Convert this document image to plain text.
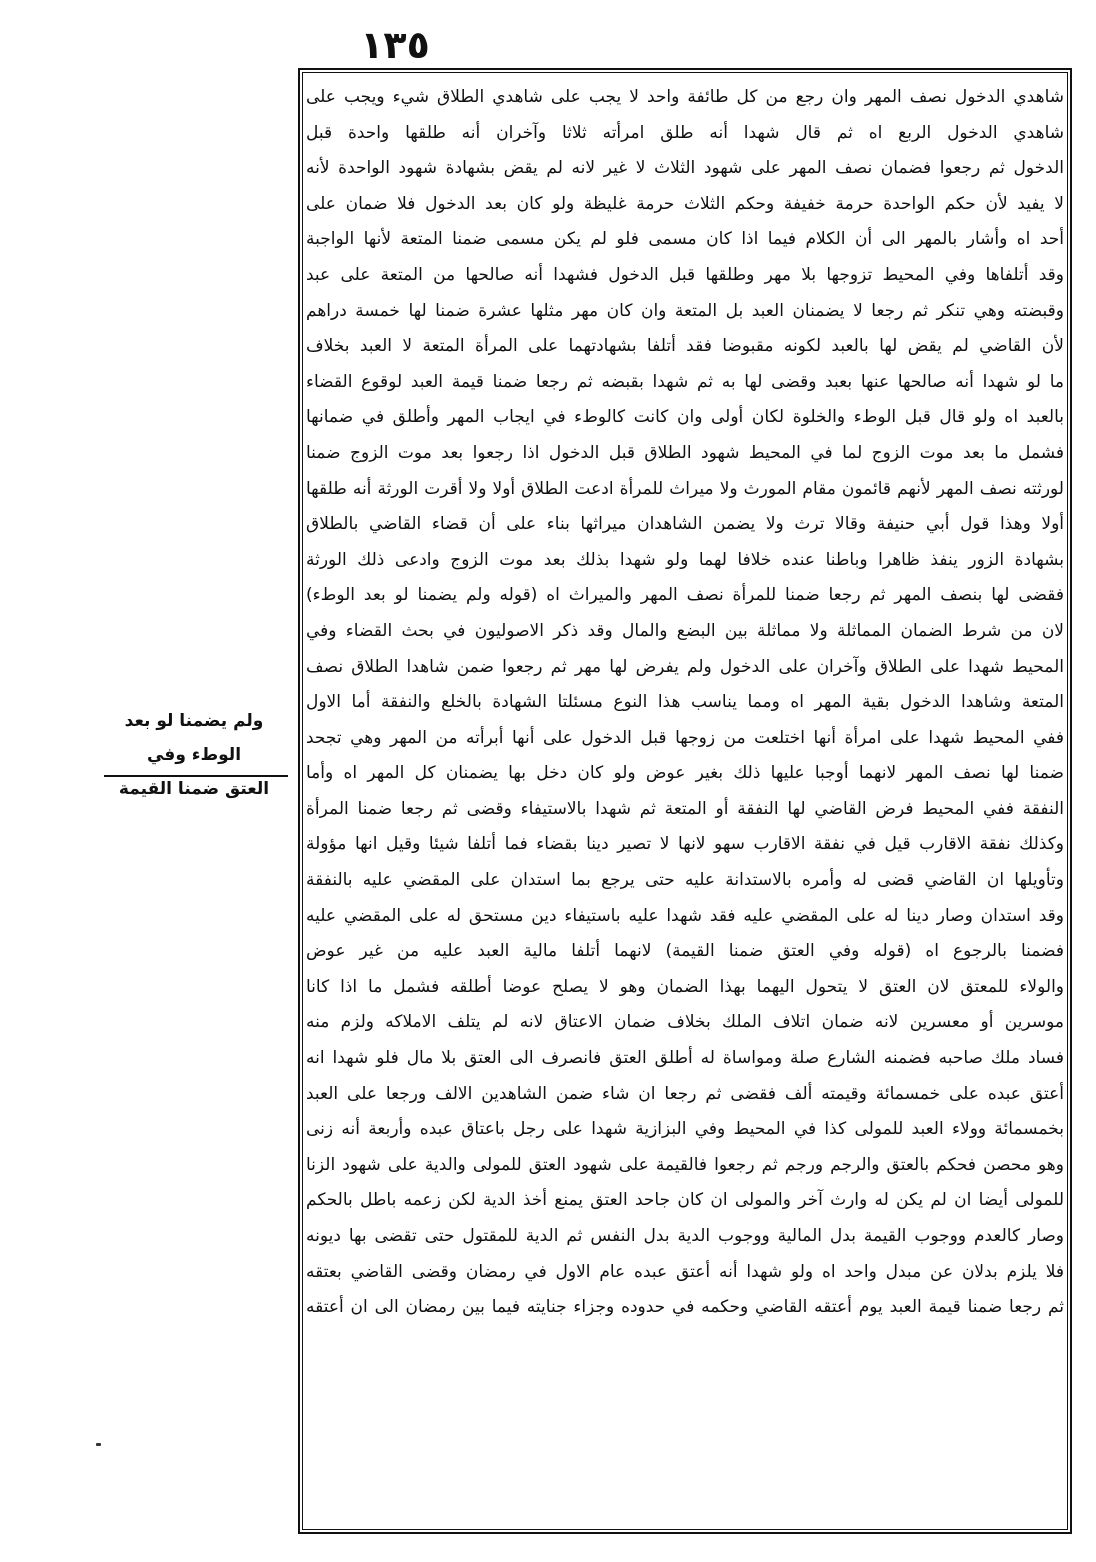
١٣٥
شاهدي الدخول نصف المهر وان رجع من كل طائفة واحد لا يجب على شاهدي الطلاق شيء ويجب على
شاهدي الدخول الربع اه ثم قال شهدا أنه طلق امرأته ثلاثا وآخران أنه طلقها واحدة قبل
الدخول ثم رجعوا فضمان نصف المهر على شهود الثلاث لا غير لانه لم يقض بشهادة شهود الواحدة لأنه
لا يفيد لأن حكم الواحدة حرمة خفيفة وحكم الثلاث حرمة غليظة ولو كان بعد الدخول فلا ضمان على
أحد اه وأشار بالمهر الى أن الكلام فيما اذا كان مسمى فلو لم يكن مسمى ضمنا المتعة لأنها الواجبة
وقد أتلفاها وفي المحيط تزوجها بلا مهر وطلقها قبل الدخول فشهدا أنه صالحها من المتعة على عبد
وقبضته وهي تنكر ثم رجعا لا يضمنان العبد بل المتعة وان كان مهر مثلها عشرة ضمنا لها خمسة دراهم
لأن القاضي لم يقض لها بالعبد لكونه مقبوضا فقد أتلفا بشهادتهما على المرأة المتعة لا العبد بخلاف
ما لو شهدا أنه صالحها عنها بعبد وقضى لها به ثم شهدا بقبضه ثم رجعا ضمنا قيمة العبد لوقوع القضاء
بالعبد اه ولو قال قبل الوطء والخلوة لكان أولى وان كانت كالوطء في ايجاب المهر وأطلق في ضمانها
فشمل ما بعد موت الزوج لما في المحيط شهود الطلاق قبل الدخول اذا رجعوا بعد موت الزوج ضمنا
لورثته نصف المهر لأنهم قائمون مقام المورث ولا ميراث للمرأة ادعت الطلاق أولا ولا أقرت الورثة أنه طلقها
أولا وهذا قول أبي حنيفة وقالا ترث ولا يضمن الشاهدان ميراثها بناء على أن قضاء القاضي بالطلاق
بشهادة الزور ينفذ ظاهرا وباطنا عنده خلافا لهما ولو شهدا بذلك بعد موت الزوج وادعى ذلك الورثة
فقضى لها بنصف المهر ثم رجعا ضمنا للمرأة نصف المهر والميراث اه (قوله ولم يضمنا لو بعد الوطء)
لان من شرط الضمان المماثلة ولا مماثلة بين البضع والمال وقد ذكر الاصوليون في بحث القضاء وفي
المحيط شهدا على الطلاق وآخران على الدخول ولم يفرض لها مهر ثم رجعوا ضمن شاهدا الطلاق نصف
المتعة وشاهدا الدخول بقية المهر اه ومما يناسب هذا النوع مسئلتا الشهادة بالخلع والنفقة أما الاول
ففي المحيط شهدا على امرأة أنها اختلعت من زوجها قبل الدخول على أنها أبرأته من المهر وهي تجحد
ضمنا لها نصف المهر لانهما أوجبا عليها ذلك بغير عوض ولو كان دخل بها يضمنان كل المهر اه وأما
النفقة ففي المحيط فرض القاضي لها النفقة أو المتعة ثم شهدا بالاستيفاء وقضى ثم رجعا ضمنا المرأة
وكذلك نفقة الاقارب قيل في نفقة الاقارب سهو لانها لا تصير دينا بقضاء فما أتلفا شيئا وقيل انها مؤولة
وتأويلها ان القاضي قضى له وأمره بالاستدانة عليه حتى يرجع بما استدان على المقضي عليه بالنفقة
وقد استدان وصار دينا له على المقضي عليه فقد شهدا عليه باستيفاء دين مستحق له على المقضي عليه
فضمنا بالرجوع اه (قوله وفي العتق ضمنا القيمة) لانهما أتلفا مالية العبد عليه من غير عوض
والولاء للمعتق لان العتق لا يتحول اليهما بهذا الضمان وهو لا يصلح عوضا أطلقه فشمل ما اذا كانا
موسرين أو معسرين لانه ضمان اتلاف الملك بخلاف ضمان الاعتاق لانه لم يتلف الاملاكه ولزم منه
فساد ملك صاحبه فضمنه الشارع صلة ومواساة له أطلق العتق فانصرف الى العتق بلا مال فلو شهدا انه
أعتق عبده على خمسمائة وقيمته ألف فقضى ثم رجعا ان شاء ضمن الشاهدين الالف ورجعا على العبد
بخمسمائة وولاء العبد للمولى كذا في المحيط وفي البزازية شهدا على رجل باعتاق عبده وأربعة أنه زنى
وهو محصن فحكم بالعتق والرجم ورجم ثم رجعوا فالقيمة على شهود العتق للمولى والدية على شهود الزنا
للمولى أيضا ان لم يكن له وارث آخر والمولى ان كان جاحد العتق يمنع أخذ الدية لكن زعمه باطل بالحكم
وصار كالعدم ووجوب القيمة بدل المالية ووجوب الدية بدل النفس ثم الدية للمقتول حتى تقضى بها ديونه
فلا يلزم بدلان عن مبدل واحد اه ولو شهدا أنه أعتق عبده عام الاول في رمضان وقضى القاضي بعتقه
ثم رجعا ضمنا قيمة العبد يوم أعتقه القاضي وحكمه في حدوده وجزاء جنايته فيما بين رمضان الى ان أعتقه
ولم يضمنا لو بعد الوطء وفي
العتق ضمنا القيمة
